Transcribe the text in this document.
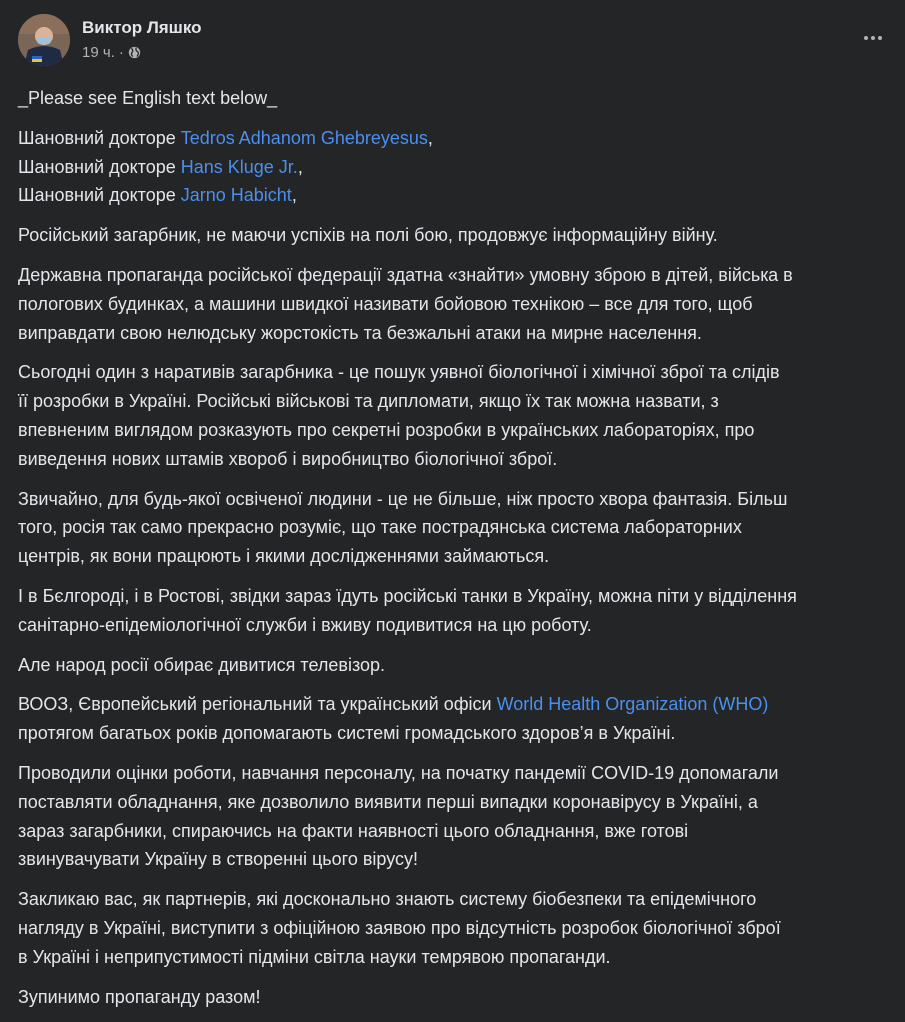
Виктор Ляшко
19 ч. ·
_Please see English text below_
Шановний докторе Tedros Adhanom Ghebreyesus,
Шановний докторе Hans Kluge Jr.,
Шановний докторе Jarno Habicht,
Російський загарбник, не маючи успіхів на полі бою, продовжує інформаційну війну.
Державна пропаганда російської федерації здатна «знайти» умовну зброю в дітей, військa в
пологових будинках, а машини швидкої називати бойовою технікою – все для того, щоб
виправдати свою нелюдську жорстокість та безжальні атаки на мирне населення.
Сьогодні один з наративів загарбника - це пошук уявної біологічної і хімічної зброї та слідів
її розробки в Україні. Російські військові та дипломати, якщо їх так можна назвати, з
впевненим виглядом розказують про секретні розробки в українських лабораторіях, про
виведення нових штамів хвороб і виробництво біологічної зброї.
Звичайно, для будь-якої освіченої людини - це не більше, ніж просто хвора фантазія. Більш
того, росія так само прекрасно розуміє, що таке пострадянська система лабораторних
центрів, як вони працюють і якими дослідженнями займаються.
І в Бєлгороді, і в Ростові, звідки зараз їдуть російські танки в Україну, можна піти у відділення
санітарно-епідеміологічної служби і вживу подивитися на цю роботу.
Але народ росії обирає дивитися телевізор.
ВООЗ, Європейський регіональний та український офіси World Health Organization (WHO)
протягом багатьох років допомагають системі громадського здоров’я в Україні.
Проводили оцінки роботи, навчання персоналу, на початку пандемії COVID-19 допомагали
поставляти обладнання, яке дозволило виявити перші випадки коронавірусу в Україні, а
зараз загарбники, спираючись на факти наявності цього обладнання, вже готові
звинувачувати Україну в створенні цього вірусу!
Закликаю вас, як партнерів, які досконально знають систему біобезпеки та епідемічного
нагляду в Україні, виступити з офіційною заявою про відсутність розробок біологічної зброї
в Україні і неприпустимості підміни світла науки темрявою пропаганди.
Зупинимо пропаганду разом!
